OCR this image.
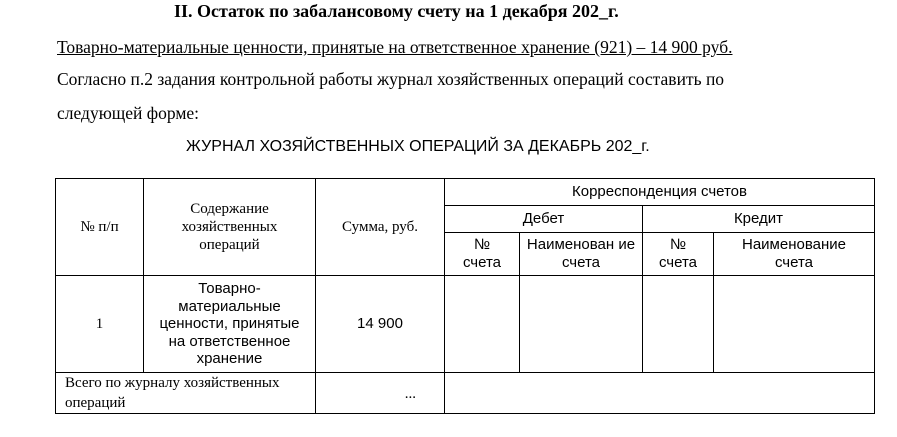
II. Остаток по забалансовому счету на 1 декабря 202_г.
Товарно-материальные ценности, принятые на ответственное хранение (921) – 14 900 руб.
Согласно п.2 задания контрольной работы журнал хозяйственных операций составить по
следующей форме:
ЖУРНАЛ ХОЗЯЙСТВЕННЫХ ОПЕРАЦИЙ ЗА ДЕКАБРЬ 202_г.
№ п/п	Содержание хозяйственных операций	Сумма, руб.	Корреспонденция счетов			
			Дебет		Кредит	
			№ счета	Наименован ие счета	№ счета	Наименование счета
1	Товарно-материальные ценности, принятые на ответственное хранение	14 900				
Всего по журналу хозяйственных операций		...				
